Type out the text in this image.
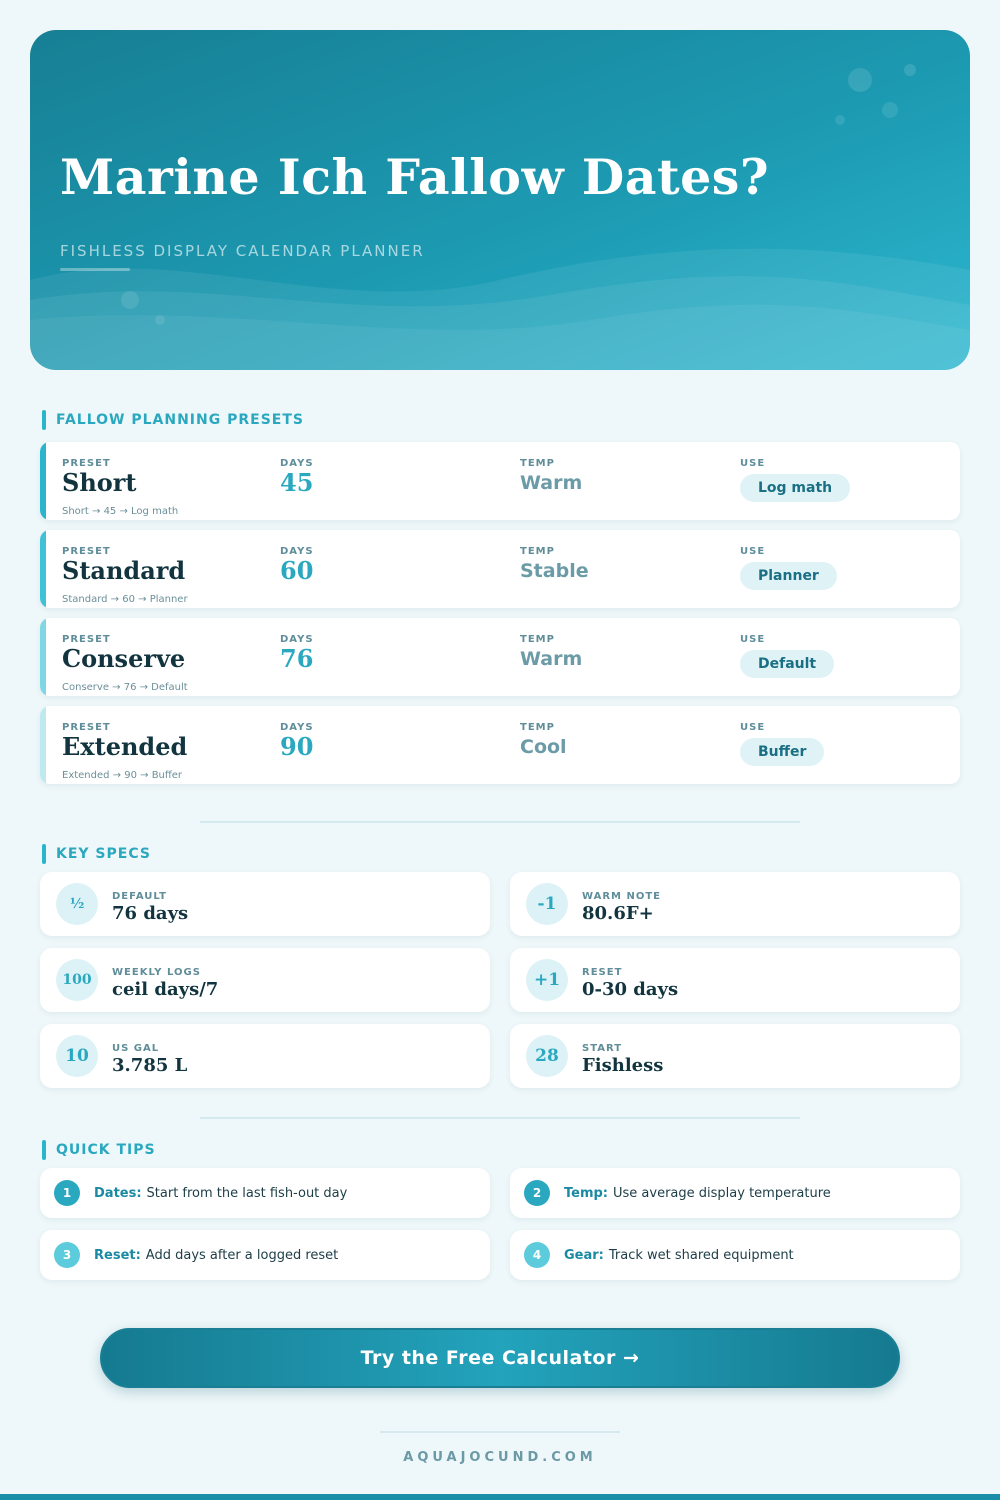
Marine Ich Fallow Dates?
FISHLESS DISPLAY CALENDAR PLANNER
FALLOW PLANNING PRESETS
PRESET	DAYS	TEMP	USE
Short	45	Warm	Log math
Short → 45 → Log math
PRESET	DAYS	TEMP	USE
Standard	60	Stable	Planner
Standard → 60 → Planner
PRESET	DAYS	TEMP	USE
Conserve	76	Warm	Default
Conserve → 76 → Default
PRESET	DAYS	TEMP	USE
Extended	90	Cool	Buffer
Extended → 90 → Buffer
KEY SPECS
½	DEFAULT
76 days	-1	WARM NOTE
80.6F+
100	WEEKLY LOGS
ceil days/7	+1	RESET
0-30 days
10	US GAL
3.785 L	28	START
Fishless
QUICK TIPS
1	Dates: Start from the last fish-out day	2	Temp: Use average display temperature
3	Reset: Add days after a logged reset	4	Gear: Track wet shared equipment
Try the Free Calculator →
AQUAJOCUND.COM
